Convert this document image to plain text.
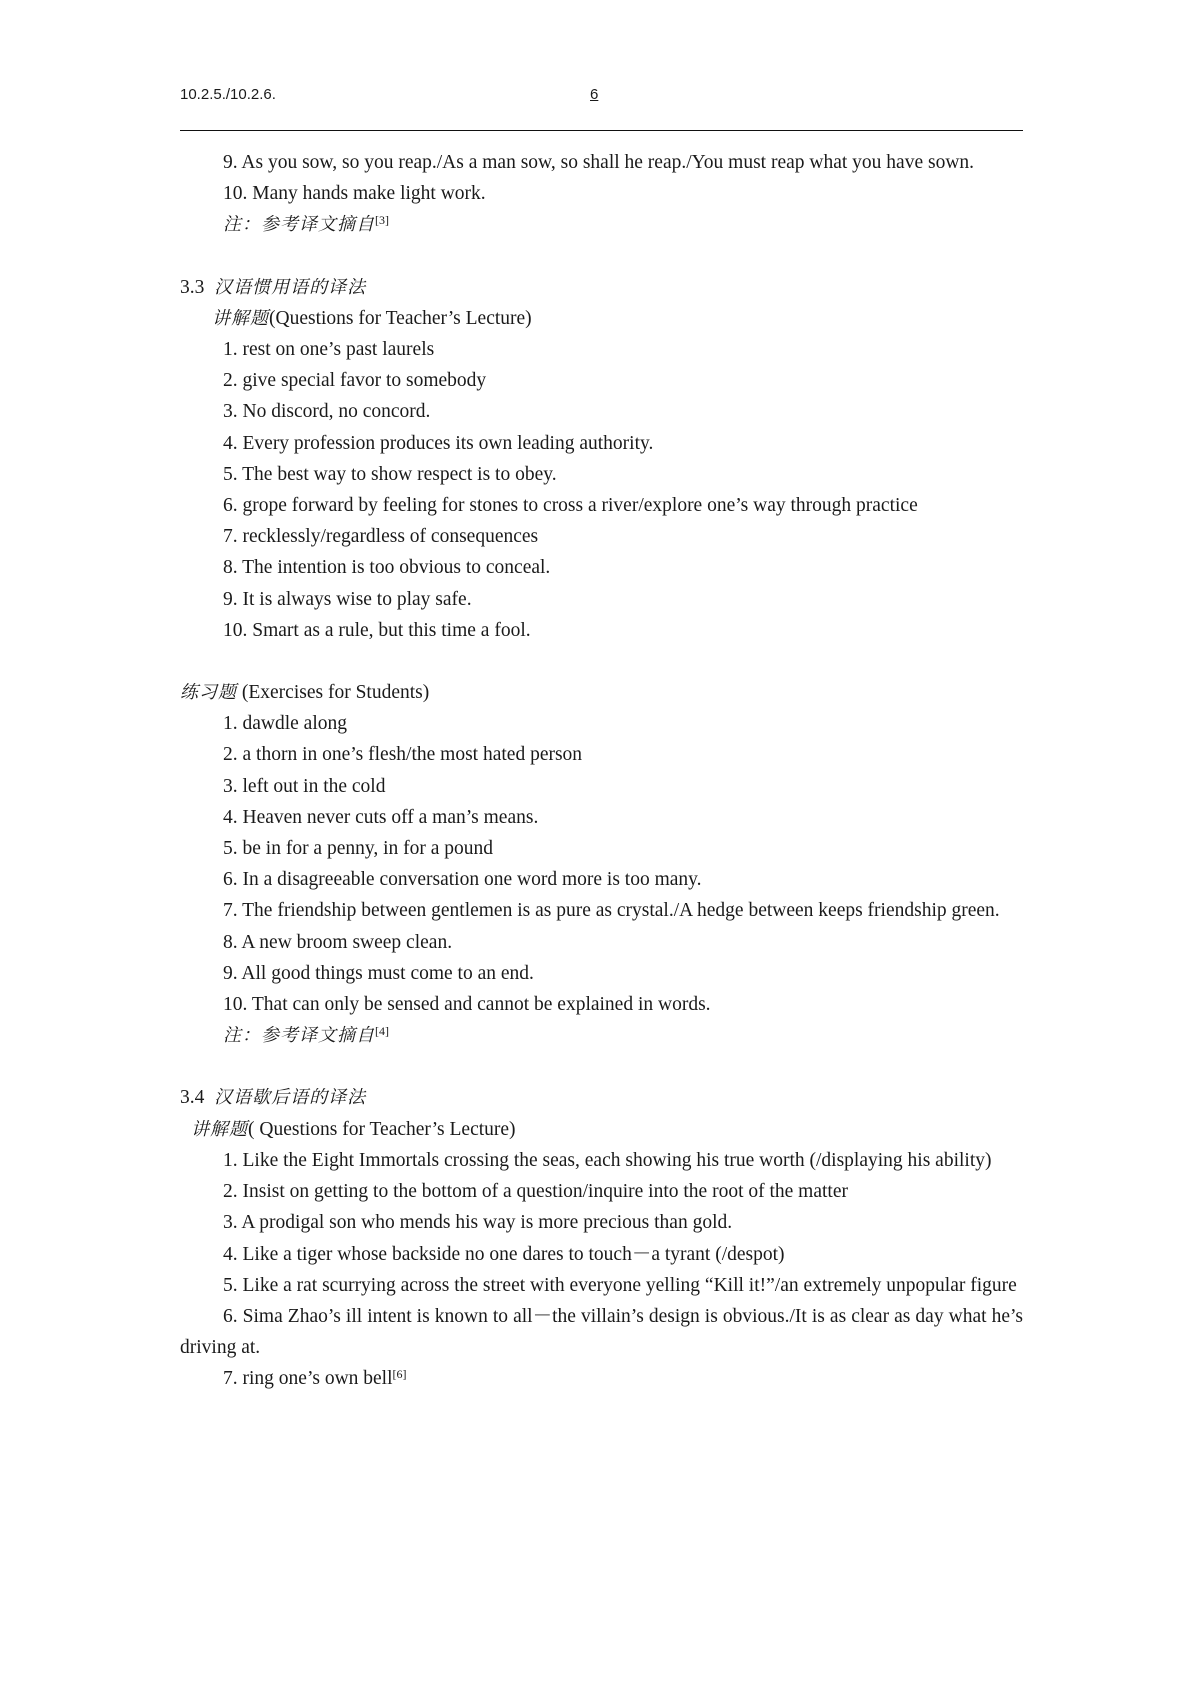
10.2.5./10.2.6.	6

9. As you sow, so you reap./As a man sow, so shall he reap./You must reap what you have sown.

10. Many hands make light work.

注：参考译文摘自[3]

3.3 汉语惯用语的译法

讲解题(Questions for Teacher’s Lecture)

1. rest on one’s past laurels

2. give special favor to somebody

3. No discord, no concord.

4. Every profession produces its own leading authority.

5. The best way to show respect is to obey.

6. grope forward by feeling for stones to cross a river/explore one’s way through practice

7. recklessly/regardless of consequences

8. The intention is too obvious to conceal.

9. It is always wise to play safe.

10. Smart as a rule, but this time a fool.

练习题 (Exercises for Students)

1. dawdle along

2. a thorn in one’s flesh/the most hated person

3. left out in the cold

4. Heaven never cuts off a man’s means.

5. be in for a penny, in for a pound

6. In a disagreeable conversation one word more is too many.

7. The friendship between gentlemen is as pure as crystal./A hedge between keeps friendship green.

8. A new broom sweep clean.

9. All good things must come to an end.

10. That can only be sensed and cannot be explained in words.

注：参考译文摘自[4]

3.4 汉语歇后语的译法

讲解题( Questions for Teacher’s Lecture)

1. Like the Eight Immortals crossing the seas, each showing his true worth (/displaying his ability)

2. Insist on getting to the bottom of a question/inquire into the root of the matter

3. A prodigal son who mends his way is more precious than gold.

4. Like a tiger whose backside no one dares to touch－a tyrant (/despot)

5. Like a rat scurrying across the street with everyone yelling “Kill it!”/an extremely unpopular figure

6. Sima Zhao’s ill intent is known to all－the villain’s design is obvious./It is as clear as day what he’s driving at.

7. ring one’s own bell[6]
